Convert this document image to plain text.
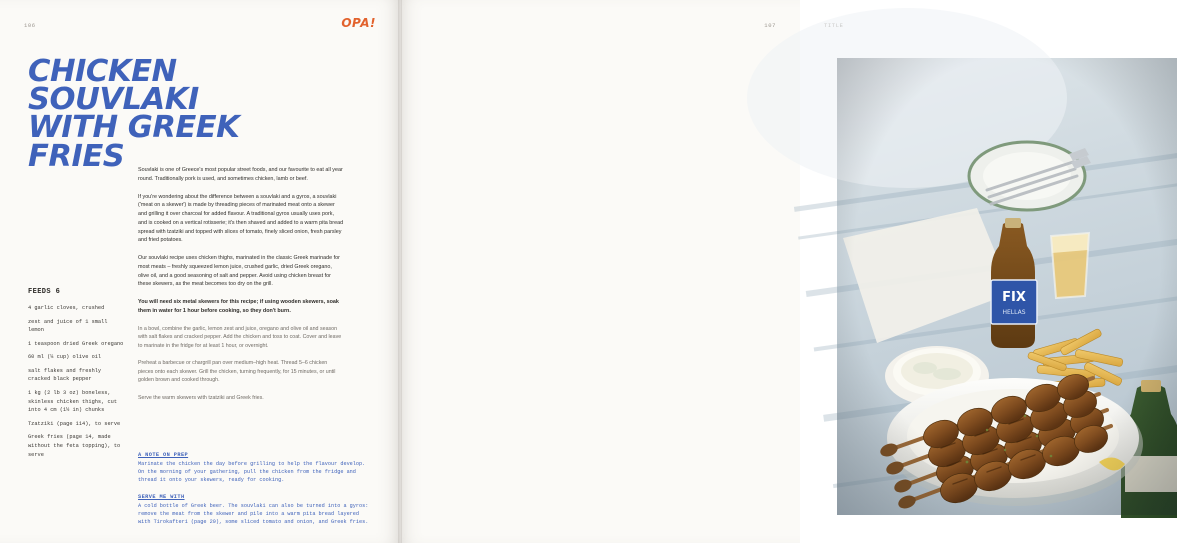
106	OPA!
CHICKEN SOUVLAKI
WITH GREEK FRIES
FEEDS 6
4 garlic cloves, crushed
zest and juice of 1 small lemon
1 teaspoon dried Greek oregano
60 ml (¼ cup) olive oil
salt flakes and freshly cracked black pepper
1 kg (2 lb 3 oz) boneless, skinless chicken thighs, cut into 4 cm (1½ in) chunks
Tzatziki (page 114), to serve
Greek fries (page 14, made without the feta topping), to serve

Souvlaki is one of Greece's most popular street foods, and our favourite to eat all year round. Traditionally pork is used, and sometimes chicken, lamb or beef.

If you're wondering about the difference between a souvlaki and a gyros, a souvlaki ('meat on a skewer') is made by threading pieces of marinated meat onto a skewer and grilling it over charcoal for added flavour. A traditional gyros usually uses pork, and is cooked on a vertical rotisserie; it's then shaved and added to a warm pita bread spread with tzatziki and topped with slices of tomato, finely sliced onion, fresh parsley and fried potatoes.

Our souvlaki recipe uses chicken thighs, marinated in the classic Greek marinade for most meats – freshly squeezed lemon juice, crushed garlic, dried Greek oregano, olive oil, and a good seasoning of salt and pepper. Avoid using chicken breast for these skewers, as the meat becomes too dry on the grill.

You will need six metal skewers for this recipe; if using wooden skewers, soak them in water for 1 hour before cooking, so they don't burn.

In a bowl, combine the garlic, lemon zest and juice, oregano and olive oil and season with salt flakes and cracked pepper. Add the chicken and toss to coat. Cover and leave to marinate in the fridge for at least 1 hour, or overnight.

Preheat a barbecue or chargrill pan over medium–high heat. Thread 5–6 chicken pieces onto each skewer. Grill the chicken, turning frequently, for 15 minutes, or until golden brown and cooked through.

Serve the warm skewers with tzatziki and Greek fries.

A NOTE ON PREP
Marinate the chicken the day before grilling to help the flavour develop. On the morning of your gathering, pull the chicken from the fridge and thread it onto your skewers, ready for cooking.
SERVE ME WITH
A cold bottle of Greek beer. The souvlaki can also be turned into a gyros: remove the meat from the skewer and pile into a warm pita bread layered with Tirokafteri (page 20), some sliced tomato and onion, and Greek fries.
107
